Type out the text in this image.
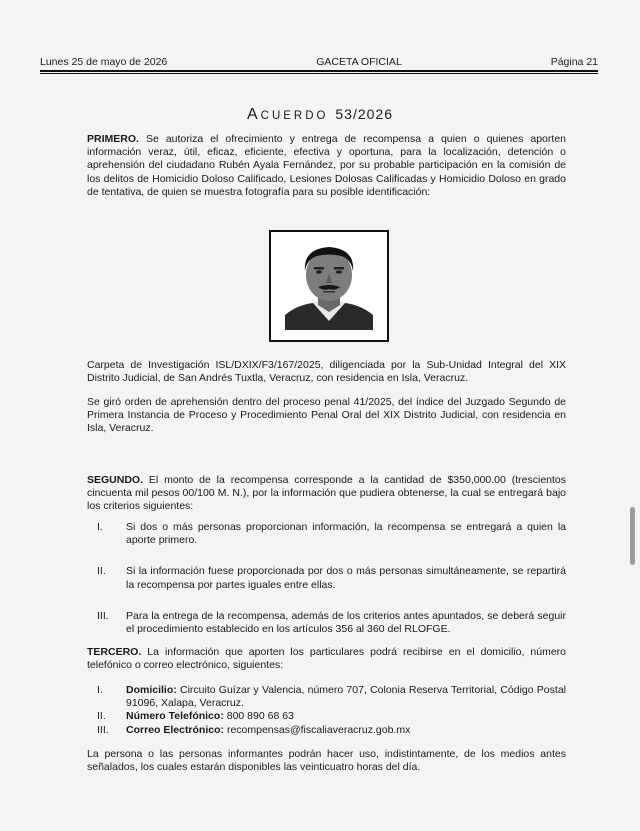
Lunes 25 de mayo de 2026	GACETA OFICIAL	Página 21
ACUERDO 53/2026
PRIMERO. Se autoriza el ofrecimiento y entrega de recompensa a quien o quienes aporten información veraz, útil, eficaz, eficiente, efectiva y oportuna, para la localización, detención o aprehensión del ciudadano Rubén Ayala Fernández, por su probable participación en la comisión de los delitos de Homicidio Doloso Calificado, Lesiones Dolosas Calificadas y Homicidio Doloso en grado de tentativa, de quien se muestra fotografía para su posible identificación:
Carpeta de Investigación ISL/DXIX/F3/167/2025, diligenciada por la Sub-Unidad Integral del XIX Distrito Judicial, de San Andrés Tuxtla, Veracruz, con residencia en Isla, Veracruz.
Se giró orden de aprehensión dentro del proceso penal 41/2025, del índice del Juzgado Segundo de Primera Instancia de Proceso y Procedimiento Penal Oral del XIX Distrito Judicial, con residencia en Isla, Veracruz.
SEGUNDO. El monto de la recompensa corresponde a la cantidad de $350,000.00 (trescientos cincuenta mil pesos 00/100 M. N.), por la información que pudiera obtenerse, la cual se entregará bajo los criterios siguientes:
I. Si dos o más personas proporcionan información, la recompensa se entregará a quien la aporte primero.
II. Si la información fuese proporcionada por dos o más personas simultáneamente, se repartirá la recompensa por partes iguales entre ellas.
III. Para la entrega de la recompensa, además de los criterios antes apuntados, se deberá seguir el procedimiento establecido en los artículos 356 al 360 del RLOFGE.
TERCERO. La información que aporten los particulares podrá recibirse en el domicilio, número telefónico o correo electrónico, siguientes:
I. Domicilio: Circuito Guízar y Valencia, número 707, Colonia Reserva Territorial, Código Postal 91096, Xalapa, Veracruz.
II. Número Telefónico: 800 890 68 63
III. Correo Electrónico: recompensas@fiscaliaveracruz.gob.mx
La persona o las personas informantes podrán hacer uso, indistintamente, de los medios antes señalados, los cuales estarán disponibles las veinticuatro horas del día.
